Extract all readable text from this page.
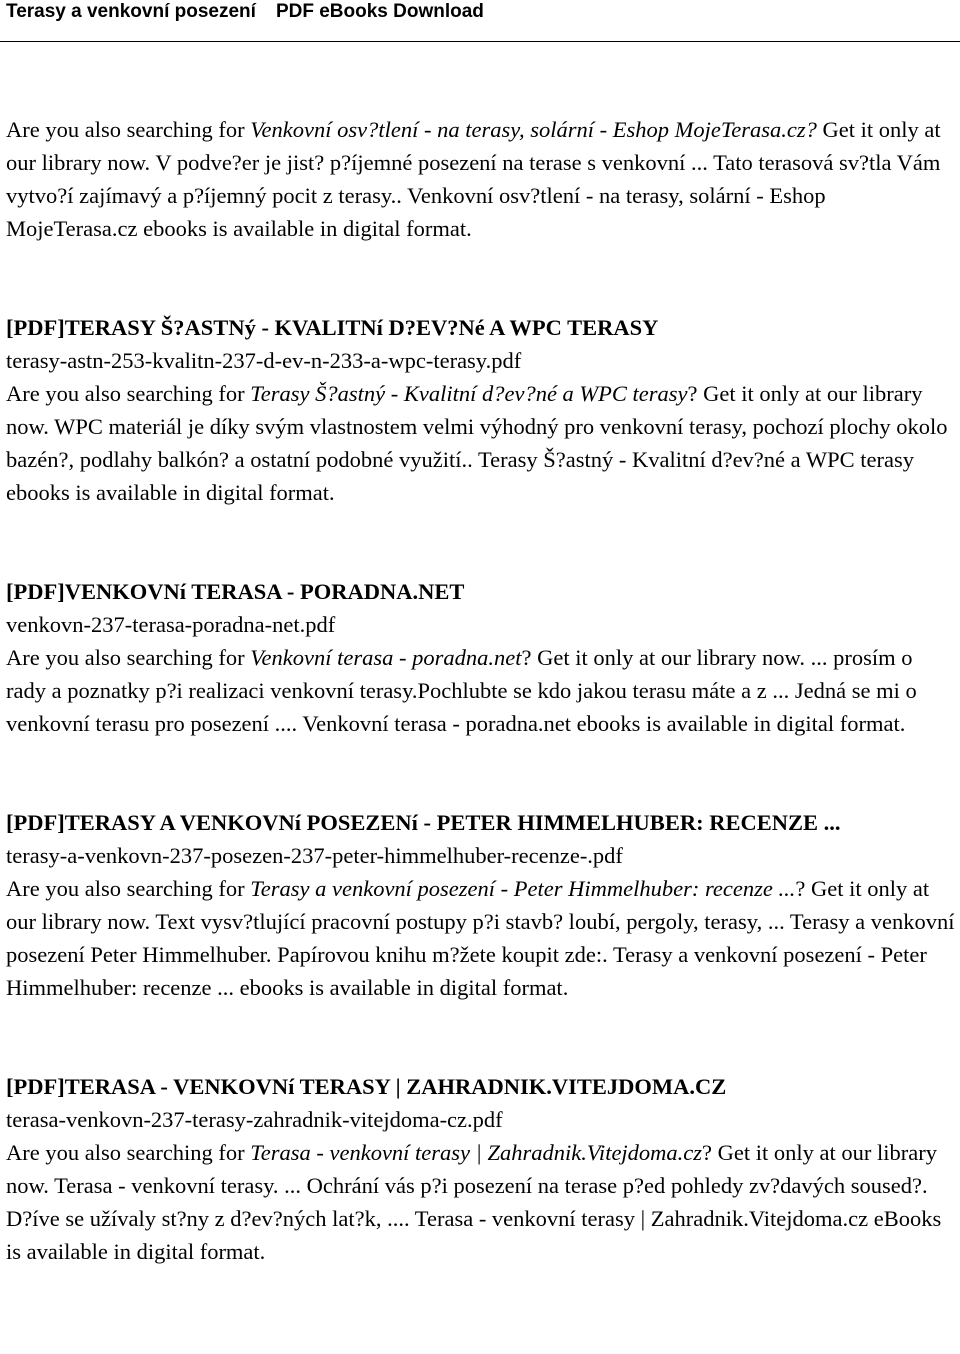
Terasy a venkovní posezení PDF eBooks Download

Are you also searching for Venkovní osv?tlení - na terasy, solární - Eshop MojeTerasa.cz? Get it only at our library now. V podve?er je jist? p?íjemné posezení na terase s venkovní ... Tato terasová sv?tla Vám vytvo?í zajímavý a p?íjemný pocit z terasy.. Venkovní osv?tlení - na terasy, solární - Eshop MojeTerasa.cz ebooks is available in digital format.

[PDF]TERASY Š?ASTNý - KVALITNí D?EV?Né A WPC TERASY
terasy-astn-253-kvalitn-237-d-ev-n-233-a-wpc-terasy.pdf

Are you also searching for Terasy Š?astný - Kvalitní d?ev?né a WPC terasy? Get it only at our library now. WPC materiál je díky svým vlastnostem velmi výhodný pro venkovní terasy, pochozí plochy okolo bazén?, podlahy balkón? a ostatní podobné využití.. Terasy Š?astný - Kvalitní d?ev?né a WPC terasy ebooks is available in digital format.

[PDF]VENKOVNí TERASA - PORADNA.NET
venkovn-237-terasa-poradna-net.pdf

Are you also searching for Venkovní terasa - poradna.net? Get it only at our library now. ... prosím o rady a poznatky p?i realizaci venkovní terasy.Pochlubte se kdo jakou terasu máte a z ... Jedná se mi o venkovní terasu pro posezení .... Venkovní terasa - poradna.net ebooks is available in digital format.

[PDF]TERASY A VENKOVNí POSEZENí - PETER HIMMELHUBER: RECENZE ...
terasy-a-venkovn-237-posezen-237-peter-himmelhuber-recenze-.pdf

Are you also searching for Terasy a venkovní posezení - Peter Himmelhuber: recenze ...? Get it only at our library now. Text vysv?tlující pracovní postupy p?i stavb? loubí, pergoly, terasy, ... Terasy a venkovní posezení Peter Himmelhuber. Papírovou knihu m?žete koupit zde:. Terasy a venkovní posezení - Peter Himmelhuber: recenze ... ebooks is available in digital format.

[PDF]TERASA - VENKOVNí TERASY | ZAHRADNIK.VITEJDOMA.CZ
terasa-venkovn-237-terasy-zahradnik-vitejdoma-cz.pdf

Are you also searching for Terasa - venkovní terasy | Zahradnik.Vitejdoma.cz? Get it only at our library now. Terasa - venkovní terasy. ... Ochrání vás p?i posezení na terase p?ed pohledy zv?davých soused?. D?íve se užívaly st?ny z d?ev?ných lat?k, .... Terasa - venkovní terasy | Zahradnik.Vitejdoma.cz eBooks is available in digital format.
